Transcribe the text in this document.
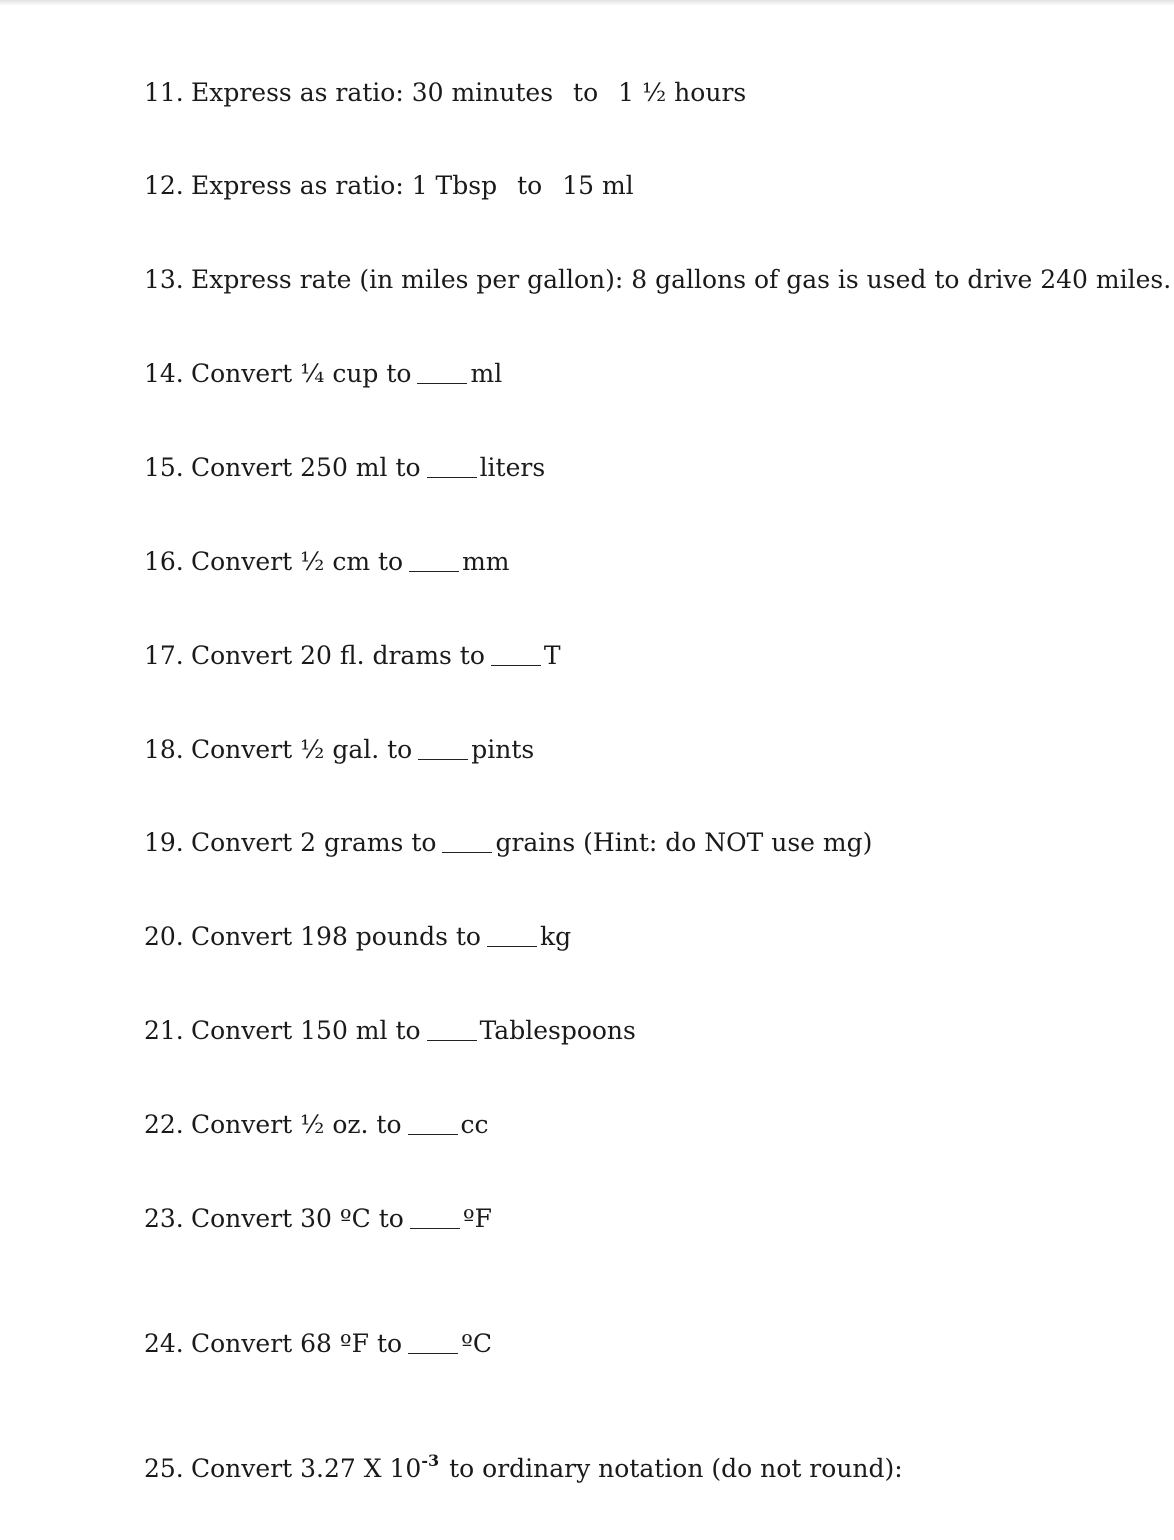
11. Express as ratio: 30 minutes to 1 ½ hours
12. Express as ratio: 1 Tbsp to 15 ml
13. Express rate (in miles per gallon): 8 gallons of gas is used to drive 240 miles.
14. Convert ¼ cup to ml
15. Convert 250 ml to liters
16. Convert ½ cm to mm
17. Convert 20 fl. drams to T
18. Convert ½ gal. to pints
19. Convert 2 grams to grains (Hint: do NOT use mg)
20. Convert 198 pounds to kg
21. Convert 150 ml to Tablespoons
22. Convert ½ oz. to cc
23. Convert 30 ºC to ºF
24. Convert 68 ºF to ºC
25. Convert 3.27 X $10^{-3}$ to ordinary notation (do not round):
